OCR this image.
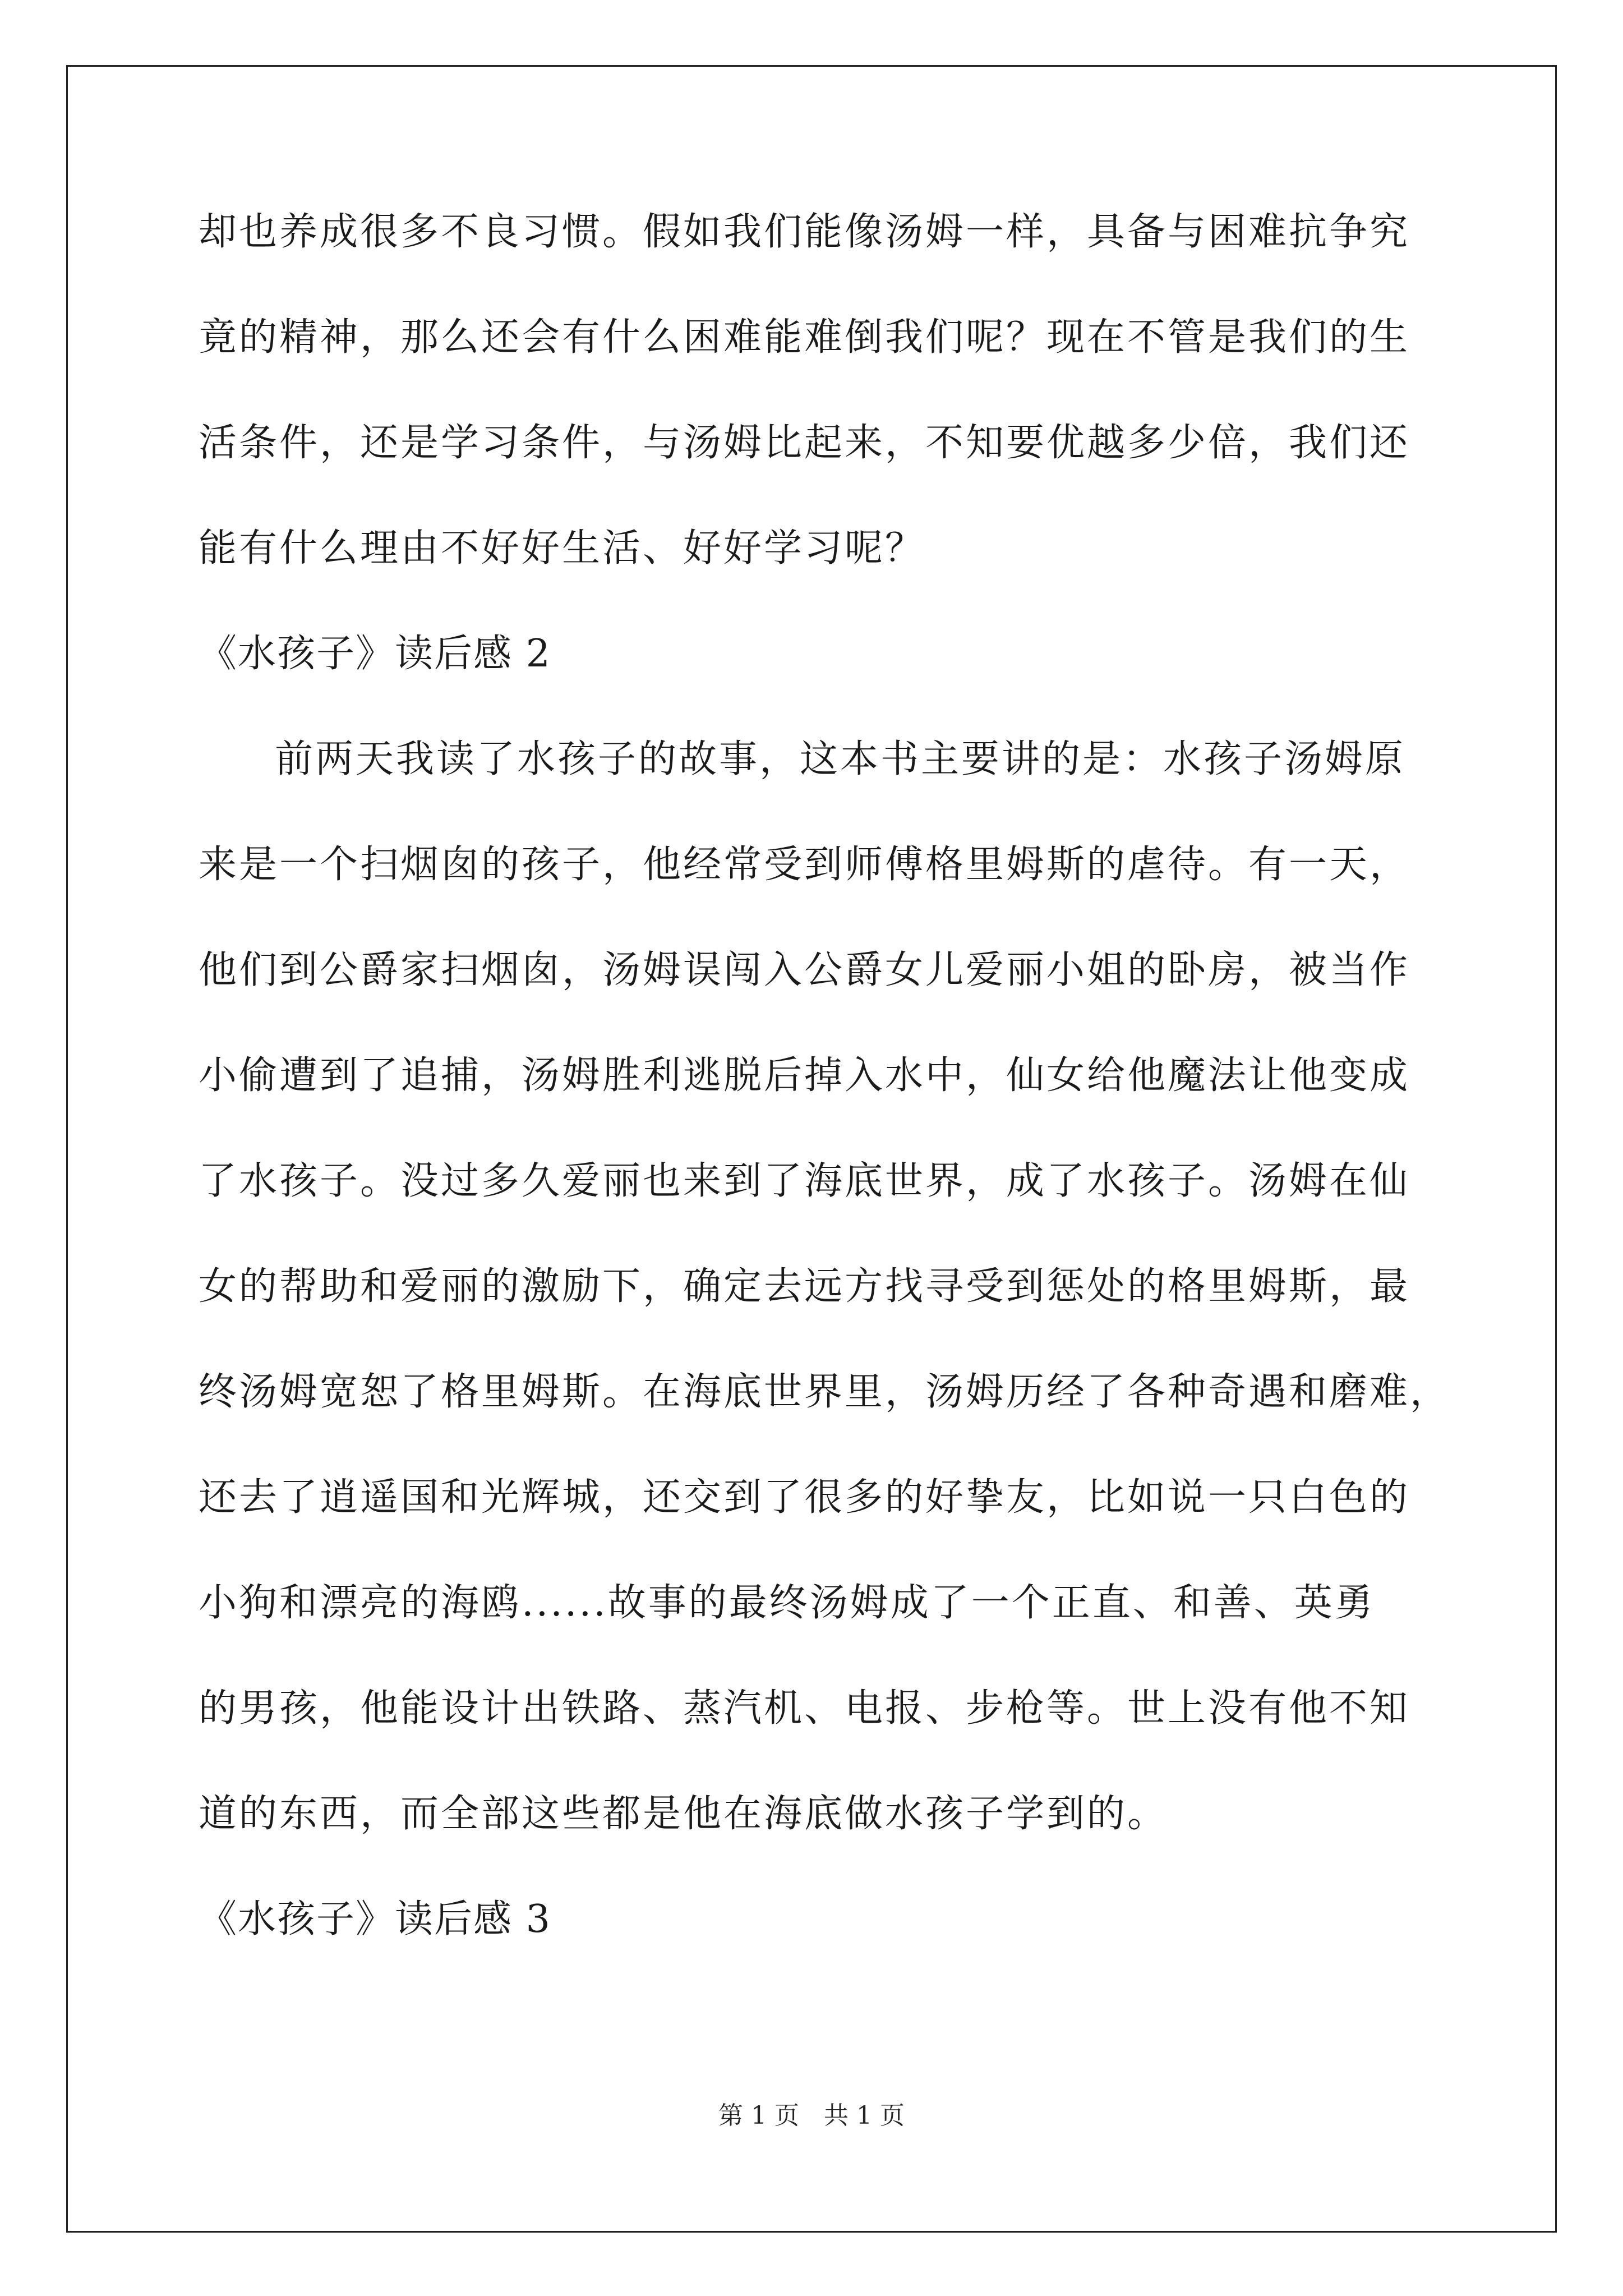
却也养成很多不良习惯。假如我们能像汤姆一样，具备与困难抗争究
竟的精神，那么还会有什么困难能难倒我们呢？现在不管是我们的生
活条件，还是学习条件，与汤姆比起来，不知要优越多少倍，我们还
能有什么理由不好好生活、好好学习呢？
《水孩子》读后感 2
前两天我读了水孩子的故事，这本书主要讲的是：水孩子汤姆原
来是一个扫烟囱的孩子，他经常受到师傅格里姆斯的虐待。有一天，
他们到公爵家扫烟囱，汤姆误闯入公爵女儿爱丽小姐的卧房，被当作
小偷遭到了追捕，汤姆胜利逃脱后掉入水中，仙女给他魔法让他变成
了水孩子。没过多久爱丽也来到了海底世界，成了水孩子。汤姆在仙
女的帮助和爱丽的激励下，确定去远方找寻受到惩处的格里姆斯，最
终汤姆宽恕了格里姆斯。在海底世界里，汤姆历经了各种奇遇和磨难，
还去了逍遥国和光辉城，还交到了很多的好挚友，比如说一只白色的
小狗和漂亮的海鸥......故事的最终汤姆成了一个正直、和善、英勇
的男孩，他能设计出铁路、蒸汽机、电报、步枪等。世上没有他不知
道的东西，而全部这些都是他在海底做水孩子学到的。
《水孩子》读后感 3
第 1 页 共 1 页
